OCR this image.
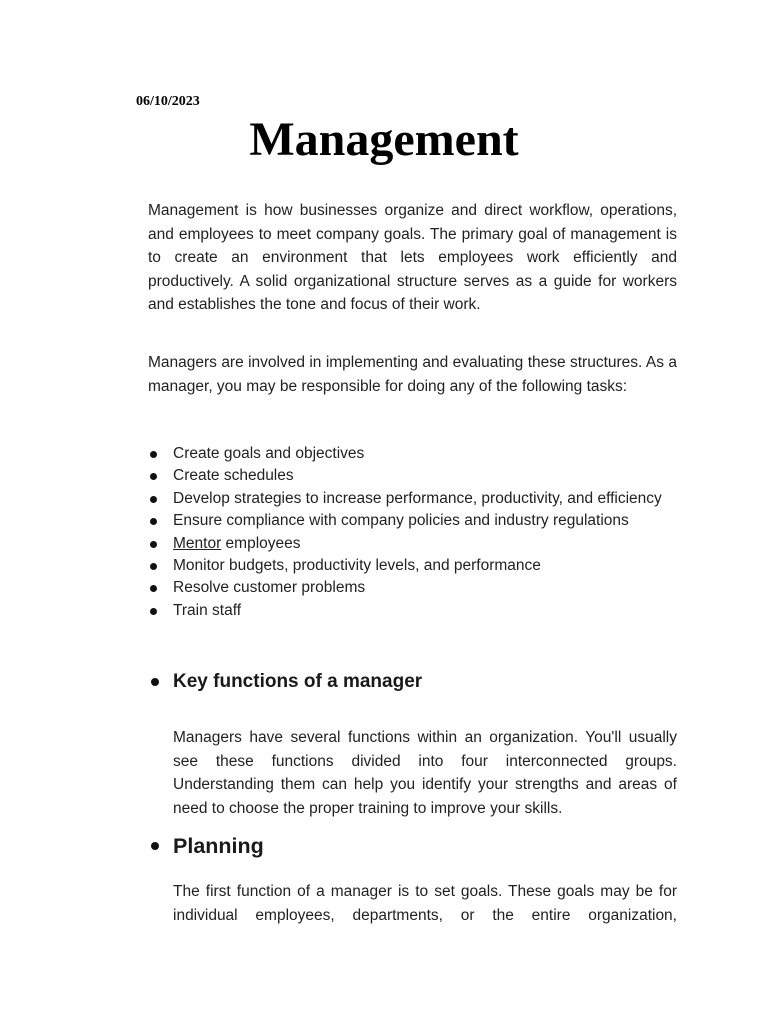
06/10/2023
Management

Management is how businesses organize and direct workflow, operations, and employees to meet company goals. The primary goal of management is to create an environment that lets employees work efficiently and productively. A solid organizational structure serves as a guide for workers and establishes the tone and focus of their work.

Managers are involved in implementing and evaluating these structures. As a manager, you may be responsible for doing any of the following tasks:

Create goals and objectives
Create schedules
Develop strategies to increase performance, productivity, and efficiency
Ensure compliance with company policies and industry regulations
Mentor employees
Monitor budgets, productivity levels, and performance
Resolve customer problems
Train staff
Key functions of a manager

Managers have several functions within an organization. You'll usually see these functions divided into four interconnected groups. Understanding them can help you identify your strengths and areas of need to choose the proper training to improve your skills.

Planning

The first function of a manager is to set goals. These goals may be for individual employees, departments, or the entire organization,
